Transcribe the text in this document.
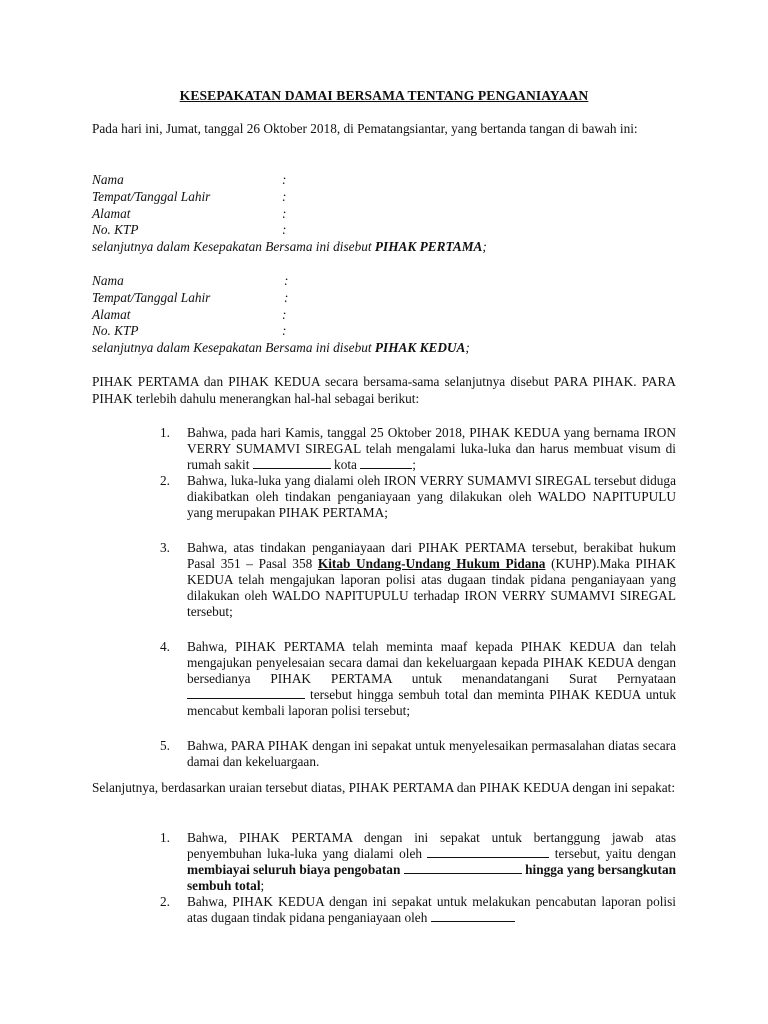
KESEPAKATAN DAMAI BERSAMA TENTANG PENGANIAYAAN
Pada hari ini, Jumat, tanggal 26 Oktober 2018, di Pematangsiantar, yang bertanda tangan di bawah ini:
Nama	:
Tempat/Tanggal Lahir	:
Alamat	:
No. KTP	:
selanjutnya dalam Kesepakatan Bersama ini disebut PIHAK PERTAMA;
Nama	:
Tempat/Tanggal Lahir	:
Alamat	:
No. KTP	:
selanjutnya dalam Kesepakatan Bersama ini disebut PIHAK KEDUA;
PIHAK PERTAMA dan PIHAK KEDUA secara bersama-sama selanjutnya disebut PARA PIHAK. PARA PIHAK terlebih dahulu menerangkan hal-hal sebagai berikut:
1. Bahwa, pada hari Kamis, tanggal 25 Oktober 2018, PIHAK KEDUA yang bernama IRON VERRY SUMAMVI SIREGAL telah mengalami luka-luka dan harus membuat visum di rumah sakit	kota	;
2. Bahwa, luka-luka yang dialami oleh IRON VERRY SUMAMVI SIREGAL tersebut diduga diakibatkan oleh tindakan penganiayaan yang dilakukan oleh WALDO NAPITUPULU yang merupakan PIHAK PERTAMA;
3. Bahwa, atas tindakan penganiayaan dari PIHAK PERTAMA tersebut, berakibat hukum Pasal 351 – Pasal 358 Kitab Undang-Undang Hukum Pidana (KUHP).Maka PIHAK KEDUA telah mengajukan laporan polisi atas dugaan tindak pidana penganiayaan yang dilakukan oleh WALDO NAPITUPULU terhadap IRON VERRY SUMAMVI SIREGAL tersebut;
4. Bahwa, PIHAK PERTAMA telah meminta maaf kepada PIHAK KEDUA dan telah mengajukan penyelesaian secara damai dan kekeluargaan kepada PIHAK KEDUA dengan bersedianya PIHAK PERTAMA untuk menandatangani Surat Pernyataan  tersebut hingga sembuh total dan meminta PIHAK KEDUA untuk mencabut kembali laporan polisi tersebut;
5. Bahwa, PARA PIHAK dengan ini sepakat untuk menyelesaikan permasalahan diatas secara damai dan kekeluargaan.
Selanjutnya, berdasarkan uraian tersebut diatas, PIHAK PERTAMA dan PIHAK KEDUA dengan ini sepakat:
1. Bahwa, PIHAK PERTAMA dengan ini sepakat untuk bertanggung jawab atas penyembuhan luka-luka yang dialami oleh	tersebut, yaitu dengan membiayai seluruh biaya pengobatan	hingga yang bersangkutan sembuh total;
2. Bahwa, PIHAK KEDUA dengan ini sepakat untuk melakukan pencabutan laporan polisi atas dugaan tindak pidana penganiayaan oleh
